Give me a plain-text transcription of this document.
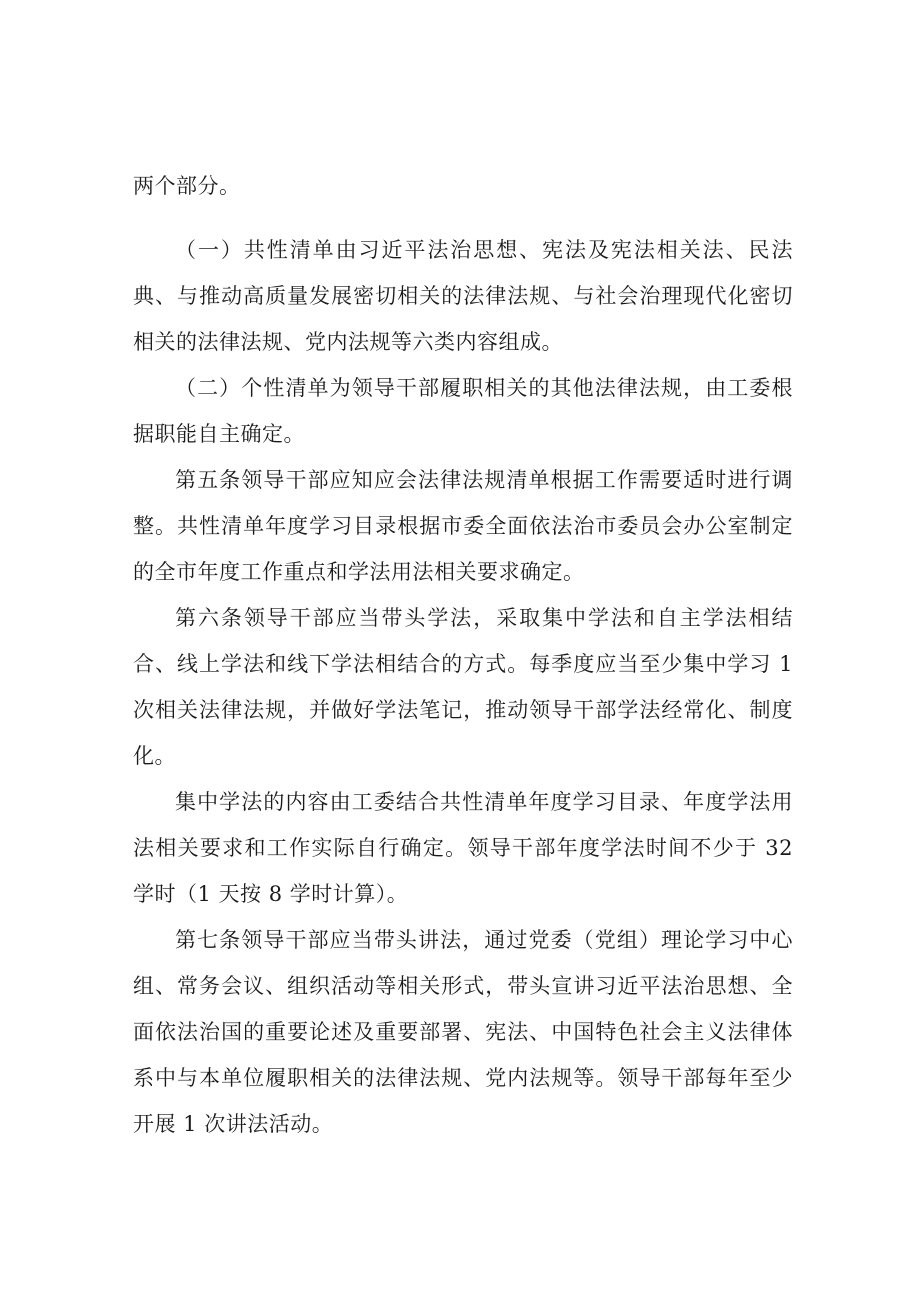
两个部分。

（一）共性清单由习近平法治思想、宪法及宪法相关法、民法典、与推动高质量发展密切相关的法律法规、与社会治理现代化密切相关的法律法规、党内法规等六类内容组成。

（二）个性清单为领导干部履职相关的其他法律法规，由工委根据职能自主确定。

第五条领导干部应知应会法律法规清单根据工作需要适时进行调整。共性清单年度学习目录根据市委全面依法治市委员会办公室制定的全市年度工作重点和学法用法相关要求确定。

第六条领导干部应当带头学法，采取集中学法和自主学法相结合、线上学法和线下学法相结合的方式。每季度应当至少集中学习 1 次相关法律法规，并做好学法笔记，推动领导干部学法经常化、制度化。

集中学法的内容由工委结合共性清单年度学习目录、年度学法用法相关要求和工作实际自行确定。领导干部年度学法时间不少于 32 学时（1 天按 8 学时计算）。

第七条领导干部应当带头讲法，通过党委（党组）理论学习中心组、常务会议、组织活动等相关形式，带头宣讲习近平法治思想、全面依法治国的重要论述及重要部署、宪法、中国特色社会主义法律体系中与本单位履职相关的法律法规、党内法规等。领导干部每年至少开展 1 次讲法活动。
